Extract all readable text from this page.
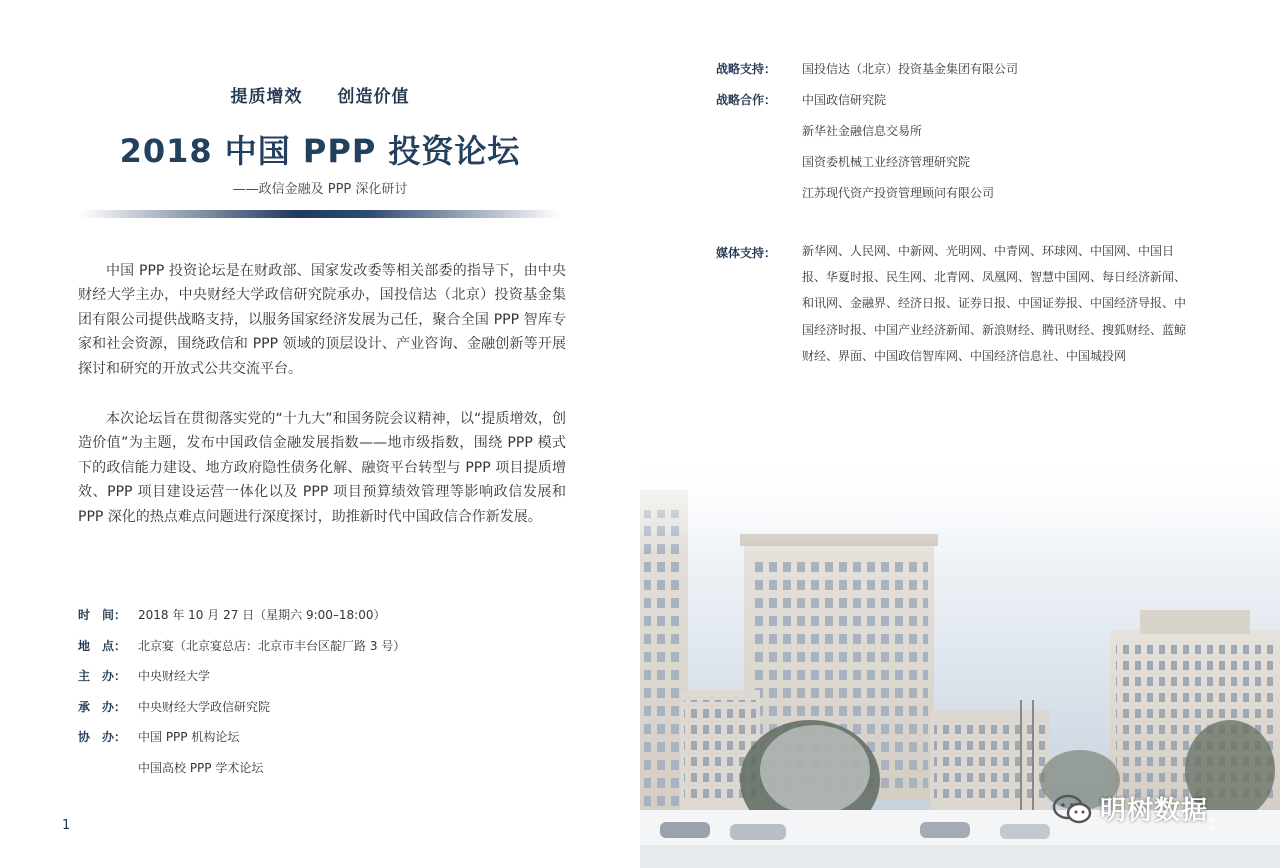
提质增效 创造价值
2018 中国 PPP 投资论坛
——政信金融及 PPP 深化研讨

中国 PPP 投资论坛是在财政部、国家发改委等相关部委的指导下，由中央财经大学主办，中央财经大学政信研究院承办，国投信达（北京）投资基金集团有限公司提供战略支持，以服务国家经济发展为己任，聚合全国 PPP 智库专家和社会资源，围绕政信和 PPP 领域的顶层设计、产业咨询、金融创新等开展探讨和研究的开放式公共交流平台。

本次论坛旨在贯彻落实党的“十九大”和国务院会议精神，以“提质增效，创造价值”为主题，发布中国政信金融发展指数——地市级指数，围绕 PPP 模式下的政信能力建设、地方政府隐性债务化解、融资平台转型与 PPP 项目提质增效、PPP 项目建设运营一体化以及 PPP 项目预算绩效管理等影响政信发展和 PPP 深化的热点难点问题进行深度探讨，助推新时代中国政信合作新发展。

时　间： 2018 年 10 月 27 日（星期六 9:00–18:00）
地　点： 北京宴（北京宴总店：北京市丰台区靛厂路 3 号）
主　办： 中央财经大学
承　办： 中央财经大学政信研究院
协　办： 中国 PPP 机构论坛
中国高校 PPP 学术论坛
1
战略支持：	国投信达（北京）投资基金集团有限公司
战略合作：	中国政信研究院
新华社金融信息交易所
国资委机械工业经济管理研究院
江苏现代资产投资管理顾问有限公司
媒体支持：	新华网、人民网、中新网、光明网、中青网、环球网、中国网、中国日报、华夏时报、民生网、北青网、凤凰网、智慧中国网、每日经济新闻、和讯网、金融界、经济日报、证券日报、中国证券报、中国经济导报、中国经济时报、中国产业经济新闻、新浪财经、腾讯财经、搜狐财经、蓝鲸财经、界面、中国政信智库网、中国经济信息社、中国城投网
明树数据 2
